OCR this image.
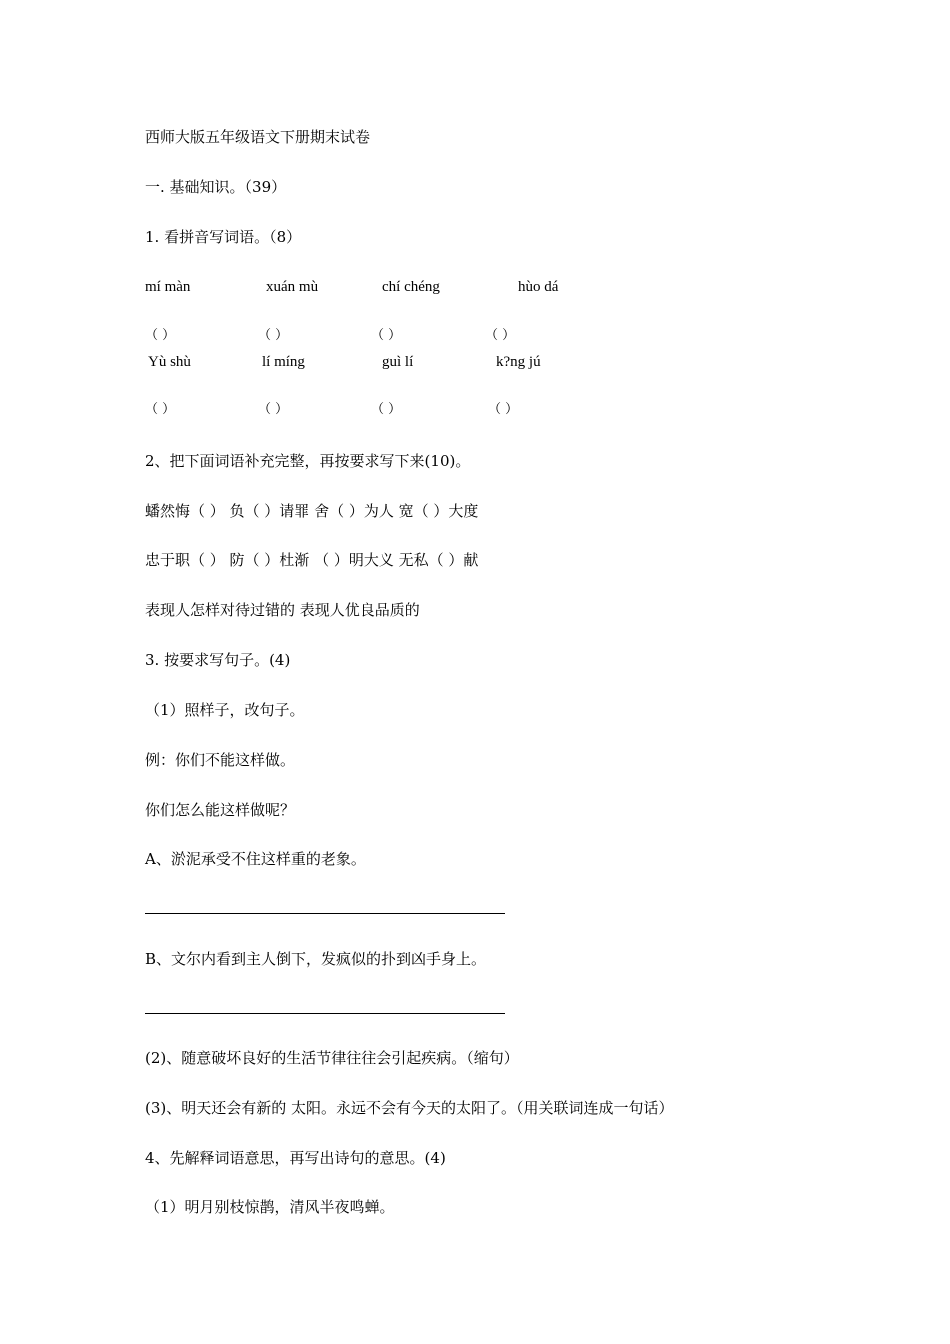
西师大版五年级语文下册期末试卷
一. 基础知识。（39）
1. 看拼音写词语。（8）
mí màn	xuán mù	chí chéng	hùo dá
（ ）	（ ）	（ ）	（ ）
Yù shù	lí míng	guì lí	k?ng jú
（ ）	（ ）	（ ）	（ ）
2、把下面词语补充完整，再按要求写下来(10)。
蟠然悔（ ） 负（ ）请罪 舍（ ）为人 宽（ ）大度
忠于职（ ） 防（ ）杜渐 （ ）明大义 无私（ ）献
表现人怎样对待过错的 表现人优良品质的
3. 按要求写句子。(4)
（1）照样子，改句子。
例：你们不能这样做。
你们怎么能这样做呢？
A、淤泥承受不住这样重的老象。
B、文尔内看到主人倒下，发疯似的扑到凶手身上。
(2)、随意破坏良好的生活节律往往会引起疾病。（缩句）
(3)、明天还会有新的 太阳。永远不会有今天的太阳了。（用关联词连成一句话）
4、先解释词语意思，再写出诗句的意思。(4)
（1）明月别枝惊鹊，清风半夜鸣蝉。
